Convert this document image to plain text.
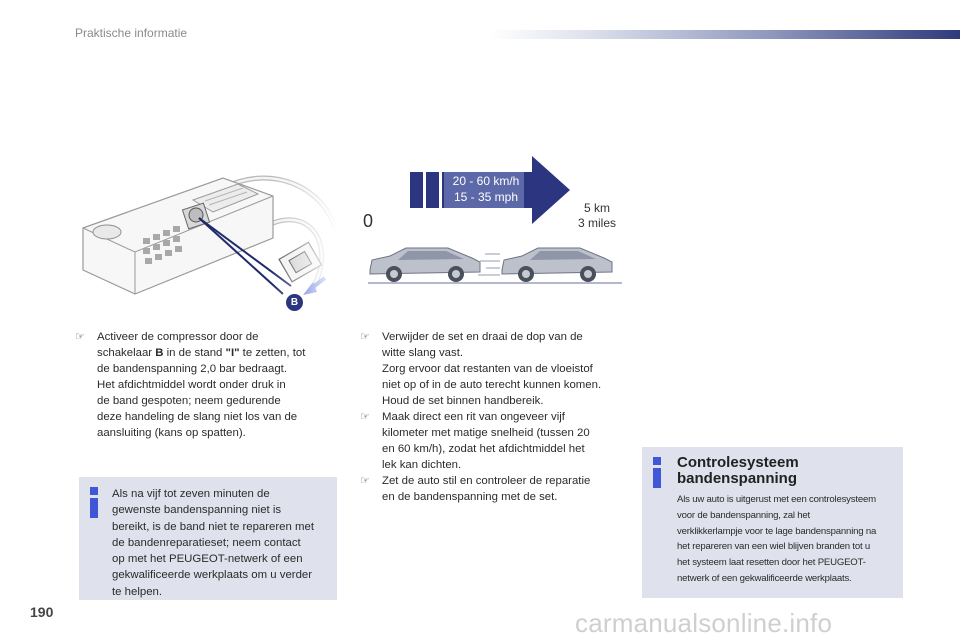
Praktische informatie
B
20 - 60 km/h
15 - 35 mph
0
5 km
3 miles
☞ Activeer de compressor door de
schakelaar B in de stand "I" te zetten, tot
de bandenspanning 2,0 bar bedraagt.
Het afdichtmiddel wordt onder druk in
de band gespoten; neem gedurende
deze handeling de slang niet los van de
aansluiting (kans op spatten).

☞ Verwijder de set en draai de dop van de
witte slang vast.
Zorg ervoor dat restanten van de vloeistof
niet op of in de auto terecht kunnen komen.
Houd de set binnen handbereik.

☞ Maak direct een rit van ongeveer vijf
kilometer met matige snelheid (tussen 20
en 60 km/h), zodat het afdichtmiddel het
lek kan dichten.

☞ Zet de auto stil en controleer de reparatie
en de bandenspanning met de set.

Als na vijf tot zeven minuten de
gewenste bandenspanning niet is
bereikt, is de band niet te repareren met
de bandenreparatieset; neem contact
op met het PEUGEOT-netwerk of een
gekwalificeerde werkplaats om u verder
te helpen.

Controlesysteem
bandenspanning

Als uw auto is uitgerust met een controlesysteem
voor de bandenspanning, zal het
verklikkerlampje voor te lage bandenspanning na
het repareren van een wiel blijven branden tot u
het systeem laat resetten door het PEUGEOT-
netwerk of een gekwalificeerde werkplaats.

190	carmanualsonline.info
